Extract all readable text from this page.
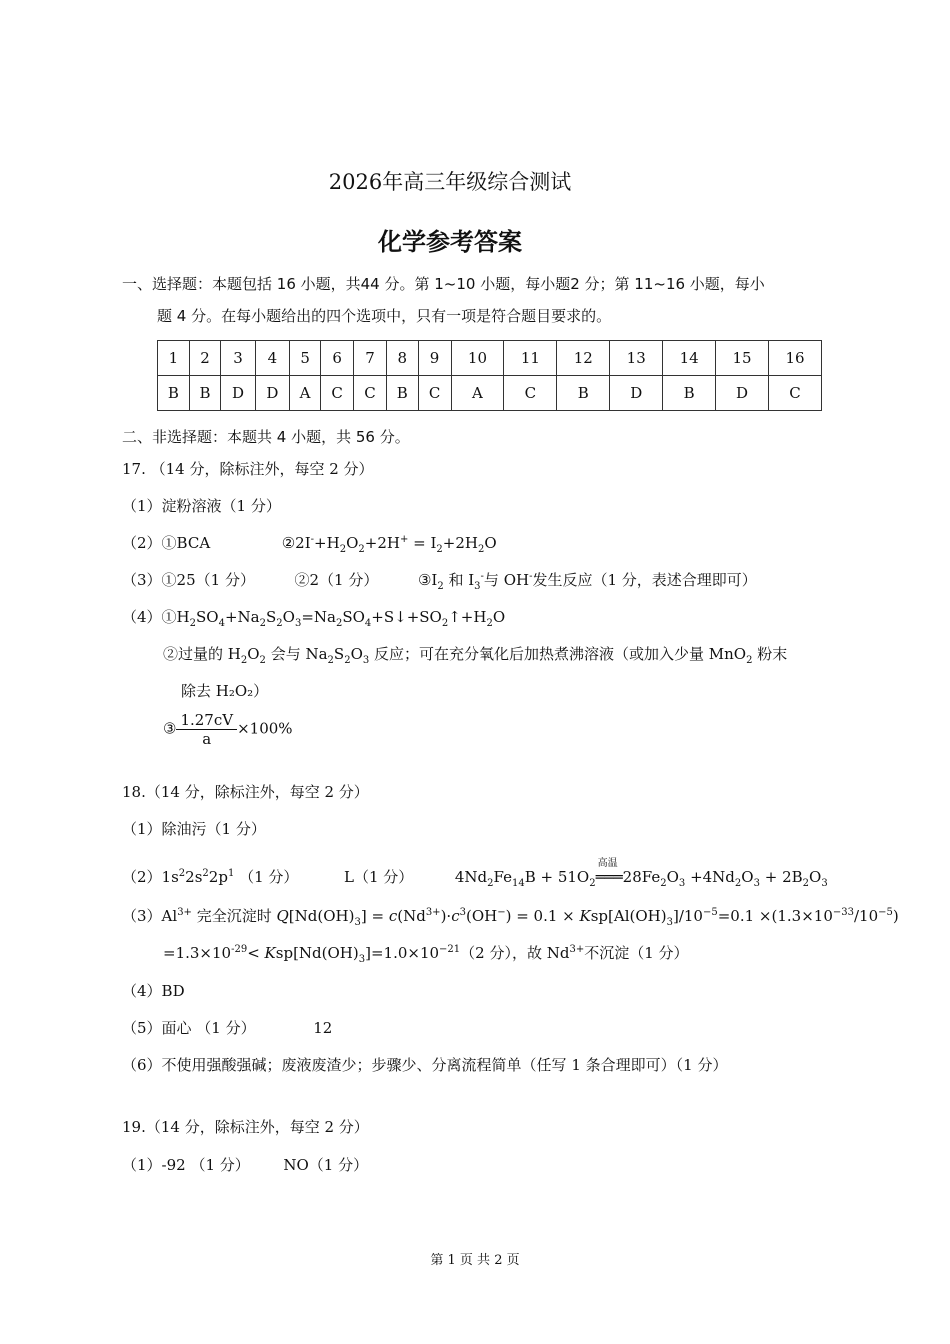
2026年高三年级综合测试
化学参考答案
一、选择题：本题包括 16 小题，共44 分。第 1~10 小题，每小题2 分；第 11~16 小题，每小
题 4 分。在每小题给出的四个选项中，只有一项是符合题目要求的。
1	2	3	4	5	6	7	8	9	10	11	12	13	14	15	16
B	B	D	D	A	C	C	B	C	A	C	B	D	B	D	C
二、非选择题：本题共 4 小题，共 56 分。
17. （14 分，除标注外，每空 2 分）
（1）淀粉溶液（1 分）
（2）①BCA	$②2I^-+H_2O_2+2H^+ = I_2+2H_2O$
（3）①25（1 分）	②2（1 分）	$③I_2$ 和 $I_3^-$与 OH-发生反应（1 分，表述合理即可）
$(4)①H_2SO_4+Na_2S_2O_3=Na_2SO_4+S↓+SO_2↑+H_2O$
②过量的 $H_2O_2$ 会与 $Na_2S_2O_3$ 反应；可在充分氧化后加热煮沸溶液（或加入少量 MnO$_2$ 粉末
除去 H₂O₂）
③ $\frac{1.27cV}{a} \times 100\%$
18.（14 分，除标注外，每空 2 分）
（1）除油污（1 分）
$(2)1s^22s^22p^1$ （1 分）	L（1 分）	$4Nd_2Fe_{14}B + 51O_2$
高温
$═══28Fe_2O_3 +4Nd_2O_3 + 2B_2O_3$
$(3)Al^{3+}$ 完全沉淀时 $Q[Nd(OH)_3] = c(Nd^{3+})\cdot c^3(OH^-) = 0.1 \times Ksp[Al(OH)_3]/10^{-5}=0.1 \times(1.3\times 10^{-33}/10^{-5})$
$=1.3\times 10^{-29}< Ksp[Nd(OH)_3]=1.0\times 10^{-21}(2$ 分），故 $Nd^{3+}$不沉淀（1 分）
（4）BD
（5）面心 （1 分）	12
（6）不使用强酸强碱；废液废渣少；步骤少、分离流程简单（任写 1 条合理即可）（1 分）
19.（14 分，除标注外，每空 2 分）
（1）-92 （1 分） NO（1 分）
第 1 页 共 2 页
